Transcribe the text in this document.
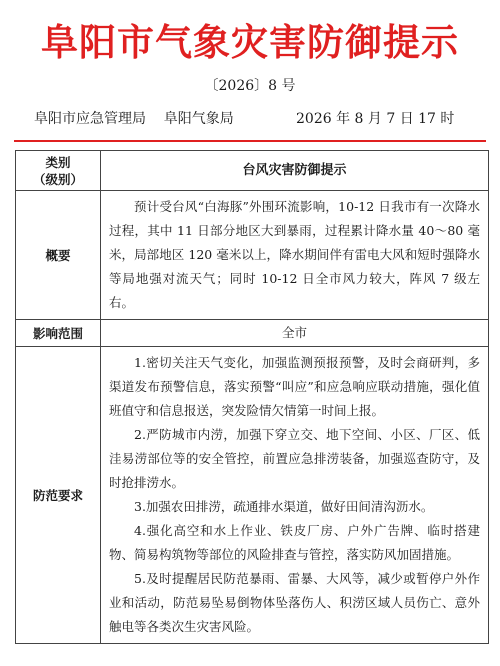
阜阳市气象灾害防御提示
〔2026〕8 号
阜阳市应急管理局    阜阳气象局	2026 年 8 月 7 日 17 时
类别
（级别）	台风灾害防御提示
概要	预计受台风“白海豚”外围环流影响，10-12 日我市有一次降水过程，其中 11 日部分地区大到暴雨，过程累计降水量 40～80 毫米，局部地区 120 毫米以上，降水期间伴有雷电大风和短时强降水等局地强对流天气；同时 10-12 日全市风力较大，阵风 7 级左右。

影响范围	全市
防范要求	1.密切关注天气变化，加强监测预报预警，及时会商研判，多渠道发布预警信息，落实预警“叫应”和应急响应联动措施，强化值班值守和信息报送，突发险情欠情第一时间上报。

2.严防城市内涝，加强下穿立交、地下空间、小区、厂区、低洼易涝部位等的安全管控，前置应急排涝装备，加强巡查防守，及时抢排涝水。

3.加强农田排涝，疏通排水渠道，做好田间清沟沥水。

4.强化高空和水上作业、铁皮厂房、户外广告牌、临时搭建物、简易构筑物等部位的风险排查与管控，落实防风加固措施。

5.及时提醒居民防范暴雨、雷暴、大风等，减少或暂停户外作业和活动，防范易坠易倒物体坠落伤人、积涝区域人员伤亡、意外触电等各类次生灾害风险。
